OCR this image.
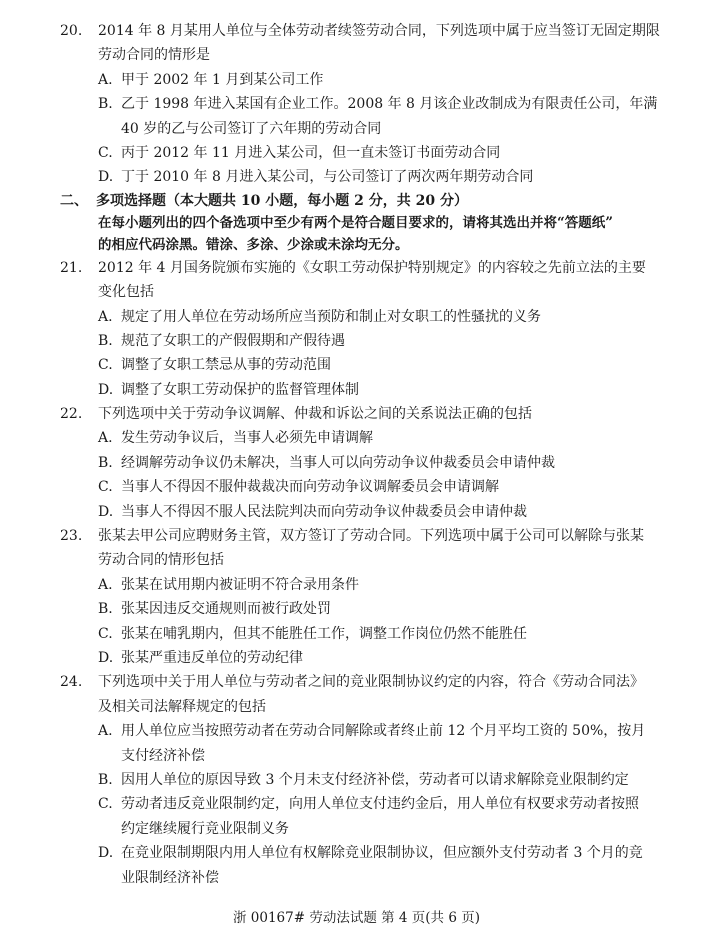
20. 2014 年 8 月某用人单位与全体劳动者续签劳动合同，下列选项中属于应当签订无固定期限
劳动合同的情形是
A. 甲于 2002 年 1 月到某公司工作
B. 乙于 1998 年进入某国有企业工作。2008 年 8 月该企业改制成为有限责任公司，年满
40 岁的乙与公司签订了六年期的劳动合同
C. 丙于 2012 年 11 月进入某公司，但一直未签订书面劳动合同
D. 丁于 2010 年 8 月进入某公司，与公司签订了两次两年期劳动合同
二、 多项选择题（本大题共 10 小题，每小题 2 分，共 20 分）
在每小题列出的四个备选项中至少有两个是符合题目要求的，请将其选出并将“答题纸”
的相应代码涂黑。错涂、多涂、少涂或未涂均无分。
21. 2012 年 4 月国务院颁布实施的《女职工劳动保护特别规定》的内容较之先前立法的主要
变化包括
A. 规定了用人单位在劳动场所应当预防和制止对女职工的性骚扰的义务
B. 规范了女职工的产假假期和产假待遇
C. 调整了女职工禁忌从事的劳动范围
D. 调整了女职工劳动保护的监督管理体制
22. 下列选项中关于劳动争议调解、仲裁和诉讼之间的关系说法正确的包括
A. 发生劳动争议后，当事人必须先申请调解
B. 经调解劳动争议仍未解决，当事人可以向劳动争议仲裁委员会申请仲裁
C. 当事人不得因不服仲裁裁决而向劳动争议调解委员会申请调解
D. 当事人不得因不服人民法院判决而向劳动争议仲裁委员会申请仲裁
23. 张某去甲公司应聘财务主管，双方签订了劳动合同。下列选项中属于公司可以解除与张某
劳动合同的情形包括
A. 张某在试用期内被证明不符合录用条件
B. 张某因违反交通规则而被行政处罚
C. 张某在哺乳期内，但其不能胜任工作，调整工作岗位仍然不能胜任
D. 张某严重违反单位的劳动纪律
24. 下列选项中关于用人单位与劳动者之间的竞业限制协议约定的内容，符合《劳动合同法》
及相关司法解释规定的包括
A. 用人单位应当按照劳动者在劳动合同解除或者终止前 12 个月平均工资的 50%，按月
支付经济补偿
B. 因用人单位的原因导致 3 个月未支付经济补偿，劳动者可以请求解除竞业限制约定
C. 劳动者违反竞业限制约定，向用人单位支付违约金后，用人单位有权要求劳动者按照
约定继续履行竞业限制义务
D. 在竞业限制期限内用人单位有权解除竞业限制协议，但应额外支付劳动者 3 个月的竞
业限制经济补偿
浙 00167# 劳动法试题 第 4 页(共 6 页)
